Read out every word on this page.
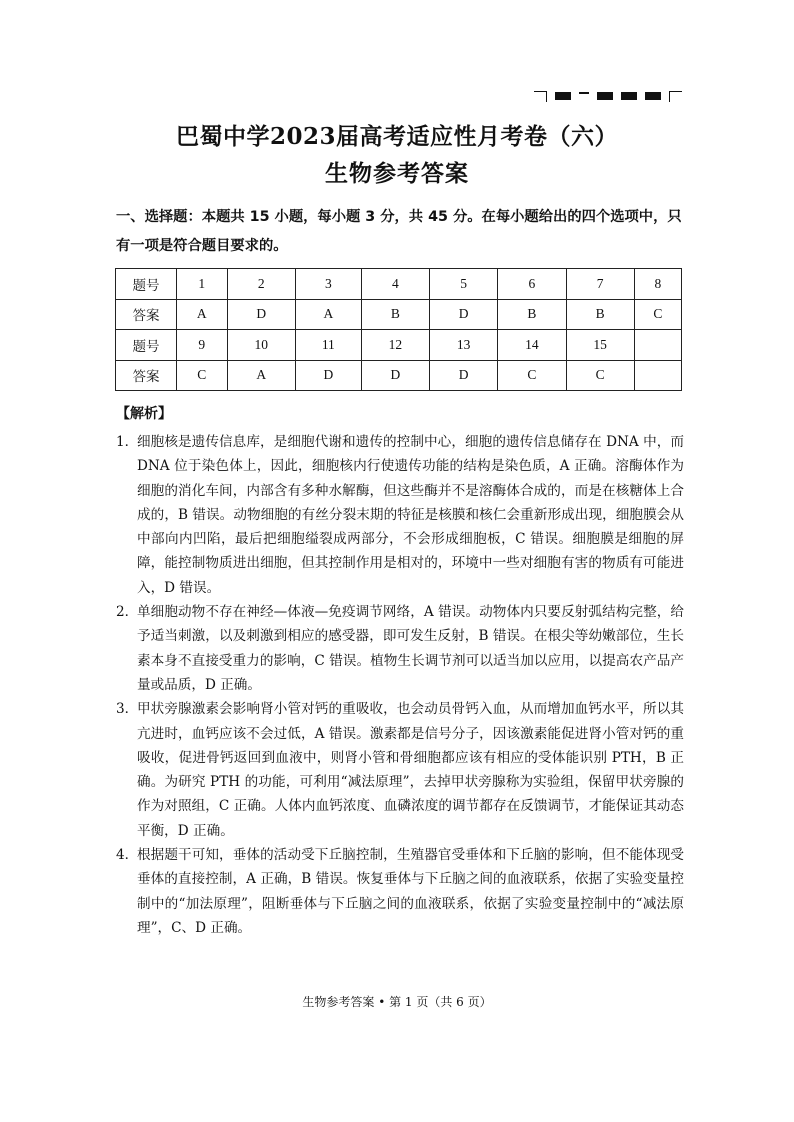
巴蜀中学2023届高考适应性月考卷（六）
生物参考答案
一、选择题：本题共 15 小题，每小题 3 分，共 45 分。在每小题给出的四个选项中，只有一项是符合题目要求的。
题号	1	2	3	4	5	6	7	8
答案	A	D	A	B	D	B	B	C
题号	9	10	11	12	13	14	15	
答案	C	A	D	D	D	C	C	
【解析】
1．
细胞核是遗传信息库，是细胞代谢和遗传的控制中心，细胞的遗传信息储存在 DNA 中，而 DNA 位于染色体上，因此，细胞核内行使遗传功能的结构是染色质，A 正确。溶酶体作为细胞的消化车间，内部含有多种水解酶，但这些酶并不是溶酶体合成的，而是在核糖体上合成的，B 错误。动物细胞的有丝分裂末期的特征是核膜和核仁会重新形成出现，细胞膜会从中部向内凹陷，最后把细胞缢裂成两部分，不会形成细胞板，C 错误。细胞膜是细胞的屏障，能控制物质进出细胞，但其控制作用是相对的，环境中一些对细胞有害的物质有可能进入，D 错误。
2．
单细胞动物不存在神经—体液—免疫调节网络，A 错误。动物体内只要反射弧结构完整，给予适当刺激，以及刺激到相应的感受器，即可发生反射，B 错误。在根尖等幼嫩部位，生长素本身不直接受重力的影响，C 错误。植物生长调节剂可以适当加以应用，以提高农产品产量或品质，D 正确。
3．
甲状旁腺激素会影响肾小管对钙的重吸收，也会动员骨钙入血，从而增加血钙水平，所以其亢进时，血钙应该不会过低，A 错误。激素都是信号分子，因该激素能促进肾小管对钙的重吸收，促进骨钙返回到血液中，则肾小管和骨细胞都应该有相应的受体能识别 PTH，B 正确。为研究 PTH 的功能，可利用“减法原理”，去掉甲状旁腺称为实验组，保留甲状旁腺的作为对照组，C 正确。人体内血钙浓度、血磷浓度的调节都存在反馈调节，才能保证其动态平衡，D 正确。
4．
根据题干可知，垂体的活动受下丘脑控制，生殖器官受垂体和下丘脑的影响，但不能体现受垂体的直接控制，A 正确，B 错误。恢复垂体与下丘脑之间的血液联系，依据了实验变量控制中的“加法原理”，阻断垂体与下丘脑之间的血液联系，依据了实验变量控制中的“减法原理”，C、D 正确。
生物参考答案 • 第 1 页（共 6 页）
